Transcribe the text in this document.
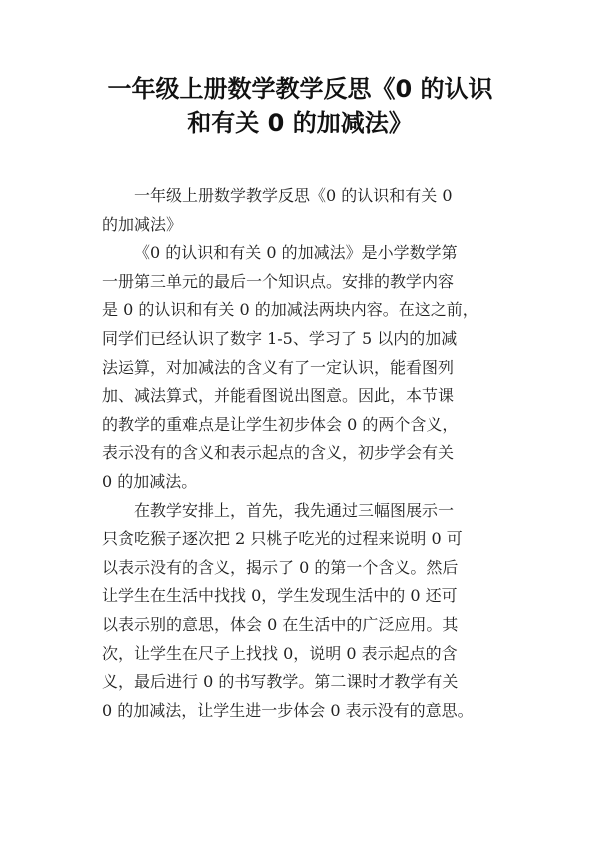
一年级上册数学教学反思《0 的认识
和有关 0 的加减法》

一年级上册数学教学反思《0 的认识和有关 0
的加减法》

《0 的认识和有关 0 的加减法》是小学数学第
一册第三单元的最后一个知识点。安排的教学内容
是 0 的认识和有关 0 的加减法两块内容。在这之前，
同学们已经认识了数字 1-5、学习了 5 以内的加减
法运算，对加减法的含义有了一定认识，能看图列
加、减法算式，并能看图说出图意。因此，本节课
的教学的重难点是让学生初步体会 0 的两个含义，
表示没有的含义和表示起点的含义，初步学会有关
0 的加减法。

在教学安排上，首先，我先通过三幅图展示一
只贪吃猴子逐次把 2 只桃子吃光的过程来说明 0 可
以表示没有的含义，揭示了 0 的第一个含义。然后
让学生在生活中找找 0，学生发现生活中的 0 还可
以表示别的意思，体会 0 在生活中的广泛应用。其
次，让学生在尺子上找找 0，说明 0 表示起点的含
义，最后进行 0 的书写教学。第二课时才教学有关
0 的加减法，让学生进一步体会 0 表示没有的意思。
